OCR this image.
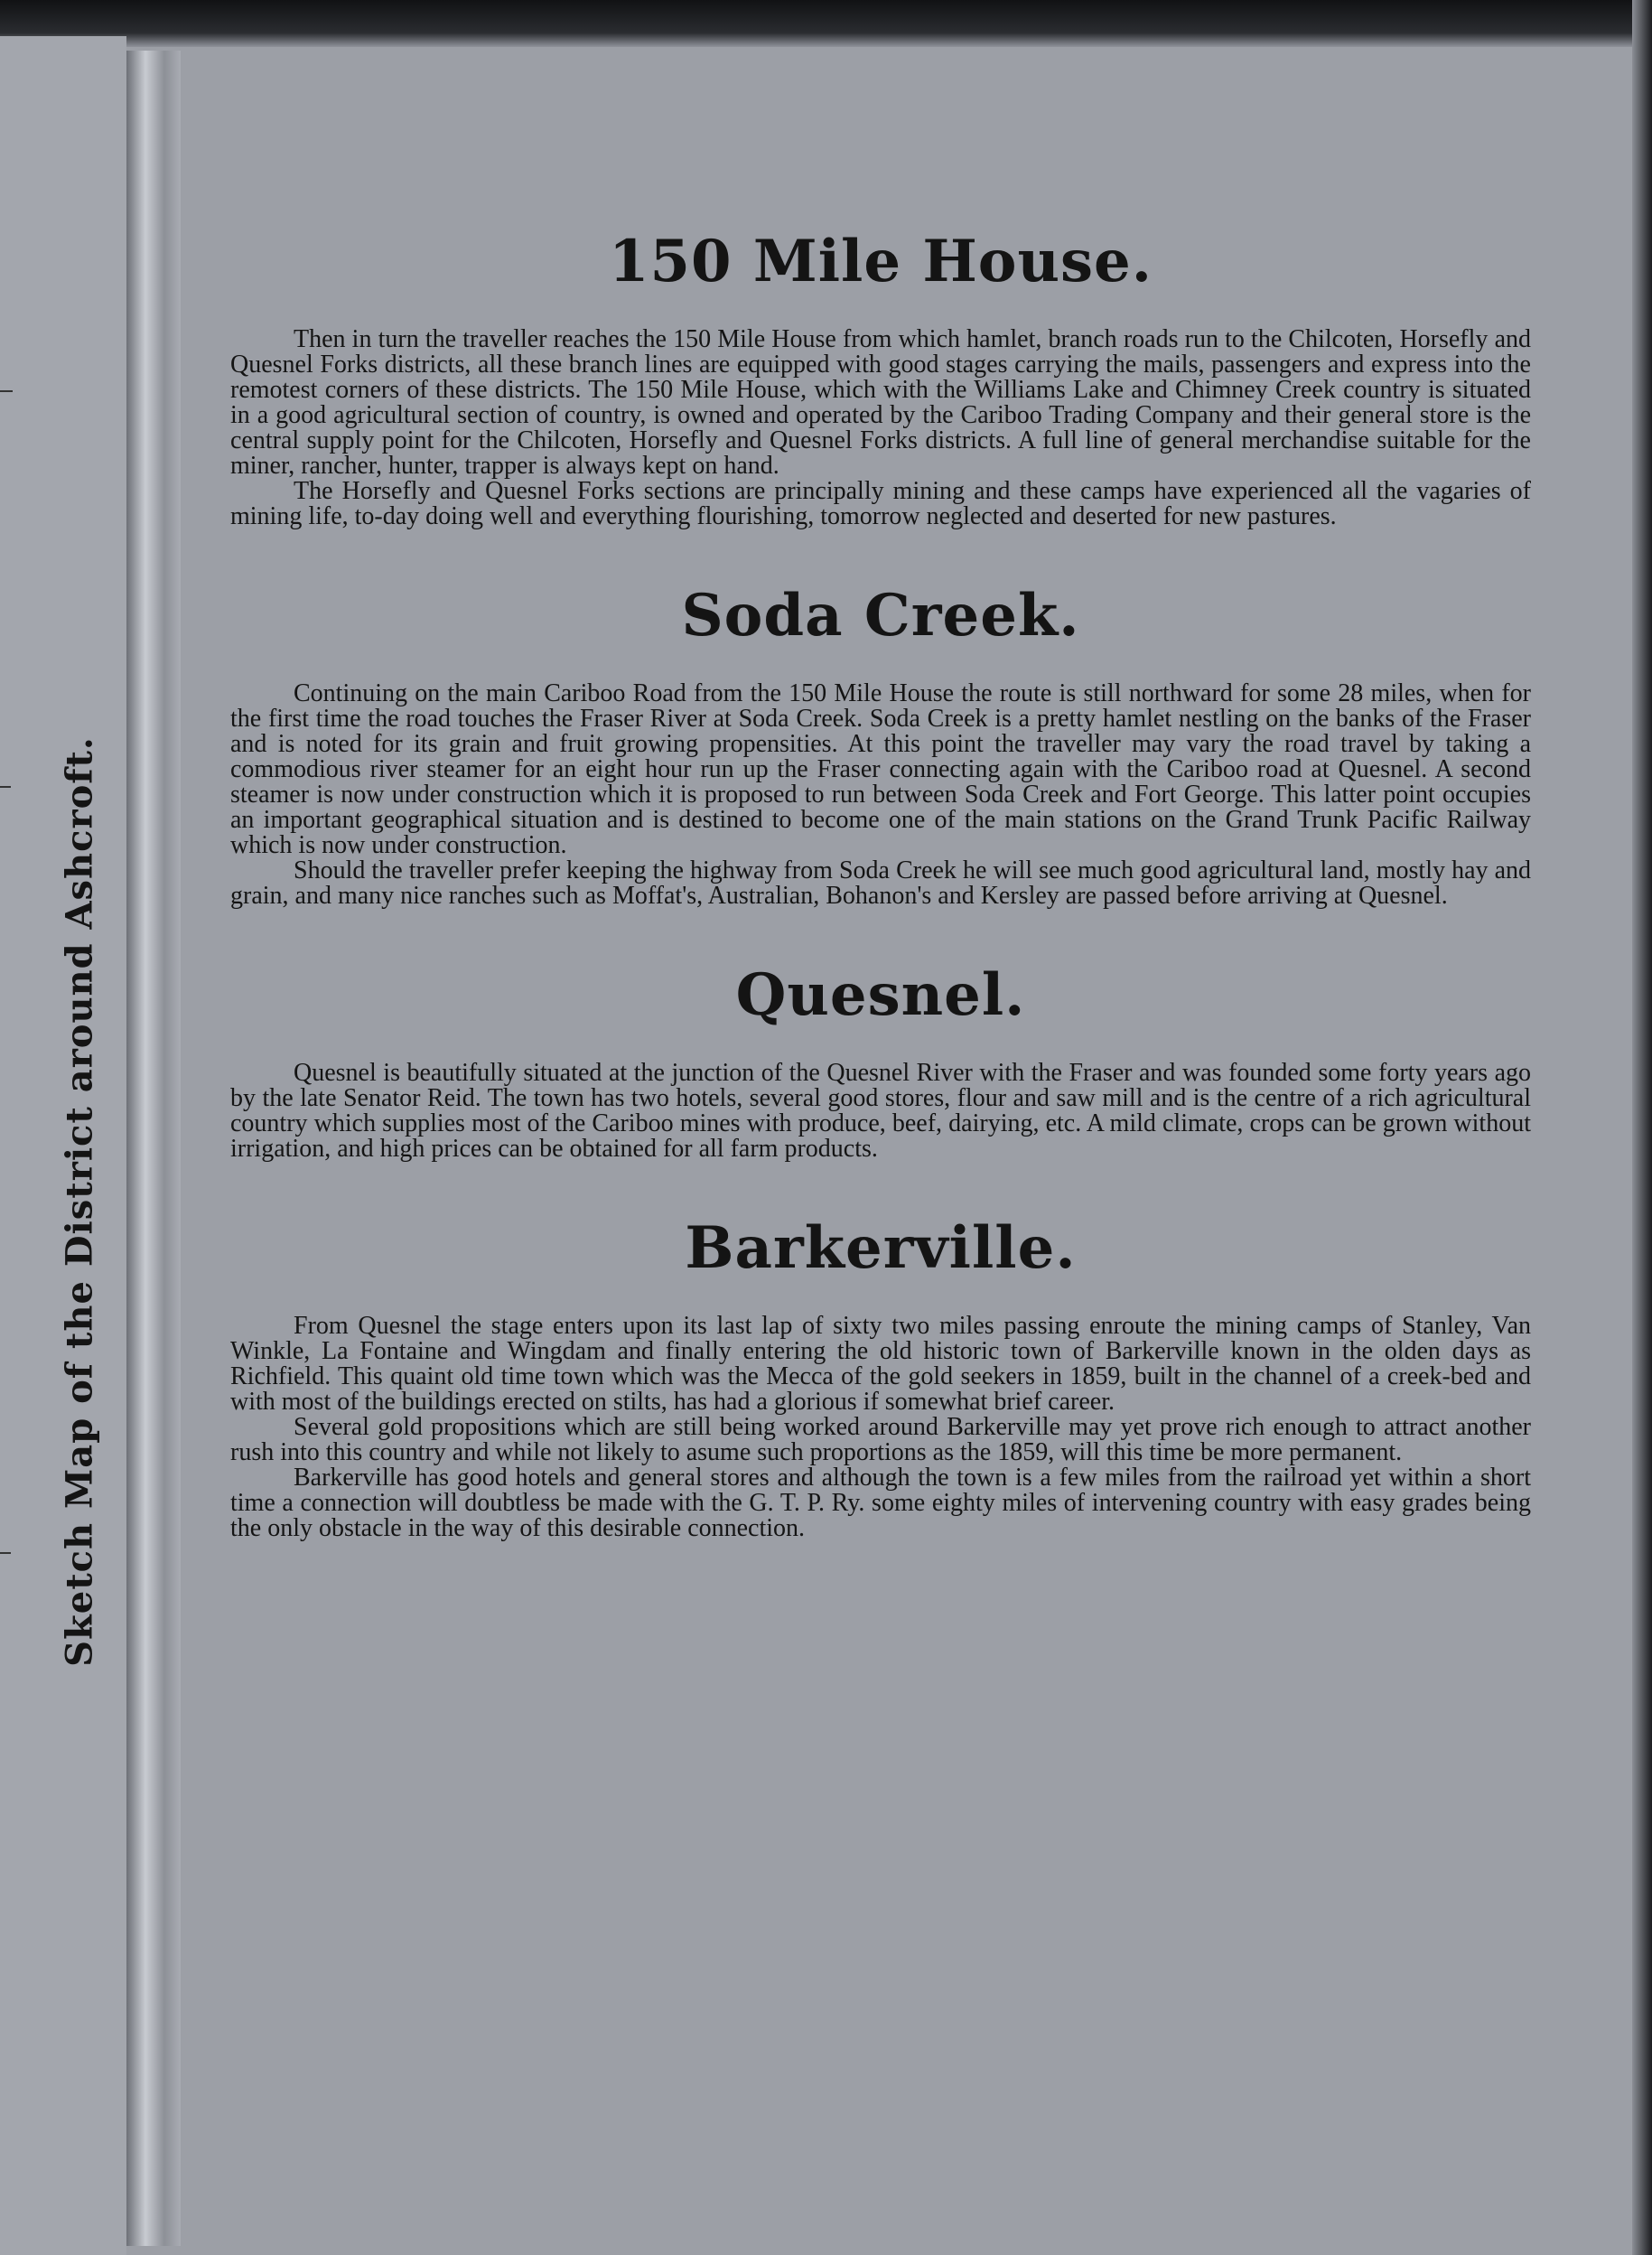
Sketch Map of the District around Ashcroft.
150 Mile House.

Then in turn the traveller reaches the 150 Mile House from which hamlet, branch roads run to the Chilcoten, Horsefly and Quesnel Forks districts, all these branch lines are equipped with good stages carrying the mails, passengers and express into the remotest corners of these districts. The 150 Mile House, which with the Williams Lake and Chimney Creek country is situated in a good agricultural section of country, is owned and operated by the Cariboo Trading Company and their general store is the central supply point for the Chilcoten, Horsefly and Quesnel Forks districts. A full line of general merchandise suitable for the miner, rancher, hunter, trapper is always kept on hand.

The Horsefly and Quesnel Forks sections are principally mining and these camps have experienced all the vagaries of mining life, to-day doing well and everything flourishing, tomorrow neglected and deserted for new pastures.

Soda Creek.

Continuing on the main Cariboo Road from the 150 Mile House the route is still northward for some 28 miles, when for the first time the road touches the Fraser River at Soda Creek. Soda Creek is a pretty hamlet nestling on the banks of the Fraser and is noted for its grain and fruit growing propensities. At this point the traveller may vary the road travel by taking a commodious river steamer for an eight hour run up the Fraser connecting again with the Cariboo road at Quesnel. A second steamer is now under construction which it is proposed to run between Soda Creek and Fort George. This latter point occupies an important geographical situation and is destined to become one of the main stations on the Grand Trunk Pacific Railway which is now under construction.

Should the traveller prefer keeping the highway from Soda Creek he will see much good agricultural land, mostly hay and grain, and many nice ranches such as Moffat's, Australian, Bohanon's and Kersley are passed before arriving at Quesnel.

Quesnel.

Quesnel is beautifully situated at the junction of the Quesnel River with the Fraser and was founded some forty years ago by the late Senator Reid. The town has two hotels, several good stores, flour and saw mill and is the centre of a rich agricultural country which supplies most of the Cariboo mines with produce, beef, dairying, etc. A mild climate, crops can be grown without irrigation, and high prices can be obtained for all farm products.

Barkerville.

From Quesnel the stage enters upon its last lap of sixty two miles passing enroute the mining camps of Stanley, Van Winkle, La Fontaine and Wingdam and finally entering the old historic town of Barkerville known in the olden days as Richfield. This quaint old time town which was the Mecca of the gold seekers in 1859, built in the channel of a creek-bed and with most of the buildings erected on stilts, has had a glorious if somewhat brief career.

Several gold propositions which are still being worked around Barkerville may yet prove rich enough to attract another rush into this country and while not likely to asume such proportions as the 1859, will this time be more permanent.

Barkerville has good hotels and general stores and although the town is a few miles from the railroad yet within a short time a connection will doubtless be made with the G. T. P. Ry. some eighty miles of intervening country with easy grades being the only obstacle in the way of this desirable connection.
